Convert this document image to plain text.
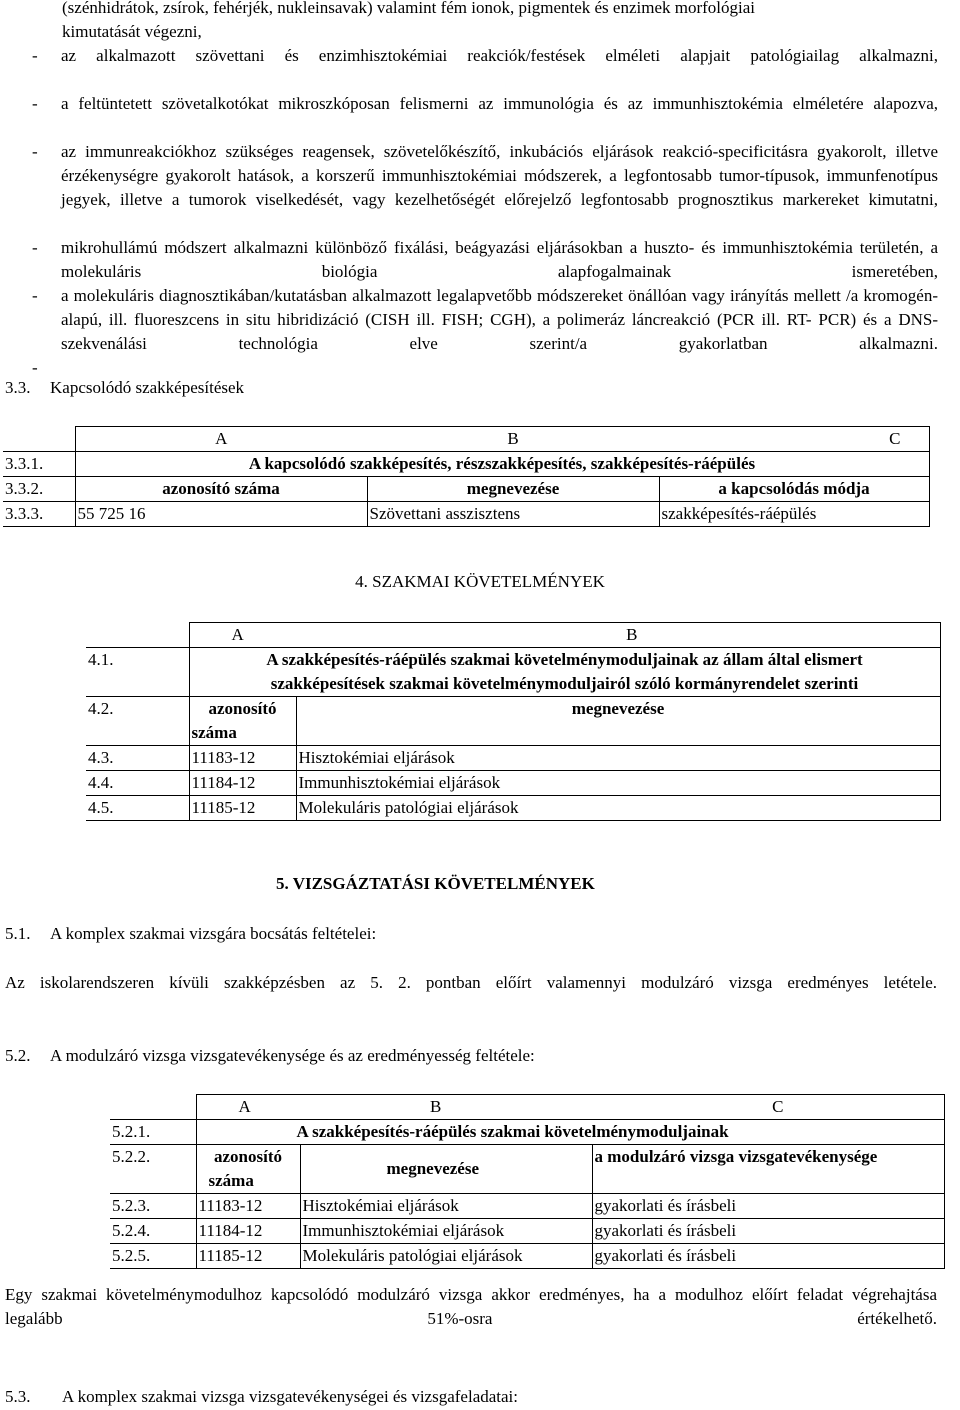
(szénhidrátok, zsírok, fehérjék, nukleinsavak) valamint fém ionok, pigmentek és enzimek morfológiai
kimutatását végezni,
-	az alkalmazott szövettani és enzimhisztokémiai reakciók/festések elméleti alapjait patológiailag alkalmazni,
-	a feltüntetett szövetalkotókat mikroszkóposan felismerni az immunológia és az immunhisztokémia elméletére alapozva,
-	az immunreakciókhoz szükséges reagensek, szövetelőkészítő, inkubációs eljárások reakció-specificitásra gyakorolt, illetve érzékenységre gyakorolt hatások, a korszerű immunhisztokémiai módszerek, a legfontosabb tumor-típusok, immunfenotípus jegyek, illetve a tumorok viselkedését, vagy kezelhetőségét előrejelző legfontosabb prognosztikus markereket kimutatni,
-	mikrohullámú módszert alkalmazni különböző fixálási, beágyazási eljárásokban a huszto- és immunhisztokémia területén, a molekuláris biológia alapfogalmainak ismeretében,
-	a molekuláris diagnosztikában/kutatásban alkalmazott legalapvetőbb módszereket önállóan vagy irányítás mellett /a kromogén-alapú, ill. fluoreszcens in situ hibridizáció (CISH ill. FISH; CGH), a polimeráz láncreakció (PCR ill. RT- PCR) és a DNS-szekvenálási technológia elve szerint/a gyakorlatban alkalmazni.
-
3.3. Kapcsolódó szakképesítések
	A	B	C
3.3.1.	A kapcsolódó szakképesítés, részszakképesítés, szakképesítés-ráépülés		
3.3.2.	azonosító száma	megnevezése	a kapcsolódás módja
3.3.3.	55 725 16	Szövettani asszisztens	szakképesítés-ráépülés
4. SZAKMAI KÖVETELMÉNYEK
	A	B
4.1.	A szakképesítés-ráépülés szakmai követelménymoduljainak az állam által elismert
szakképesítések szakmai követelménymoduljairól szóló kormányrendelet szerinti	

4.2.	azonosító
száma	megnevezése
4.3.	11183-12	Hisztokémiai eljárások
4.4.	11184-12	Immunhisztokémiai eljárások
4.5.	11185-12	Molekuláris patológiai eljárások
5. VIZSGÁZTATÁSI KÖVETELMÉNYEK
5.1. A komplex szakmai vizsgára bocsátás feltételei:
Az iskolarendszeren kívüli szakképzésben az 5. 2. pontban előírt valamennyi modulzáró vizsga eredményes letétele.
5.2. A modulzáró vizsga vizsgatevékenysége és az eredményesség feltétele:
	A	B	C
5.2.1.	A szakképesítés-ráépülés szakmai követelménymoduljainak		
5.2.2.	azonosító
száma	megnevezése	a modulzáró vizsga vizsgatevékenysége
5.2.3.	11183-12	Hisztokémiai eljárások	gyakorlati és írásbeli
5.2.4.	11184-12	Immunhisztokémiai eljárások	gyakorlati és írásbeli
5.2.5.	11185-12	Molekuláris patológiai eljárások	gyakorlati és írásbeli
Egy szakmai követelménymodulhoz kapcsolódó modulzáró vizsga akkor eredményes, ha a modulhoz előírt feladat végrehajtása legalább 51%-osra értékelhető.
5.3. A komplex szakmai vizsga vizsgatevékenységei és vizsgafeladatai:
